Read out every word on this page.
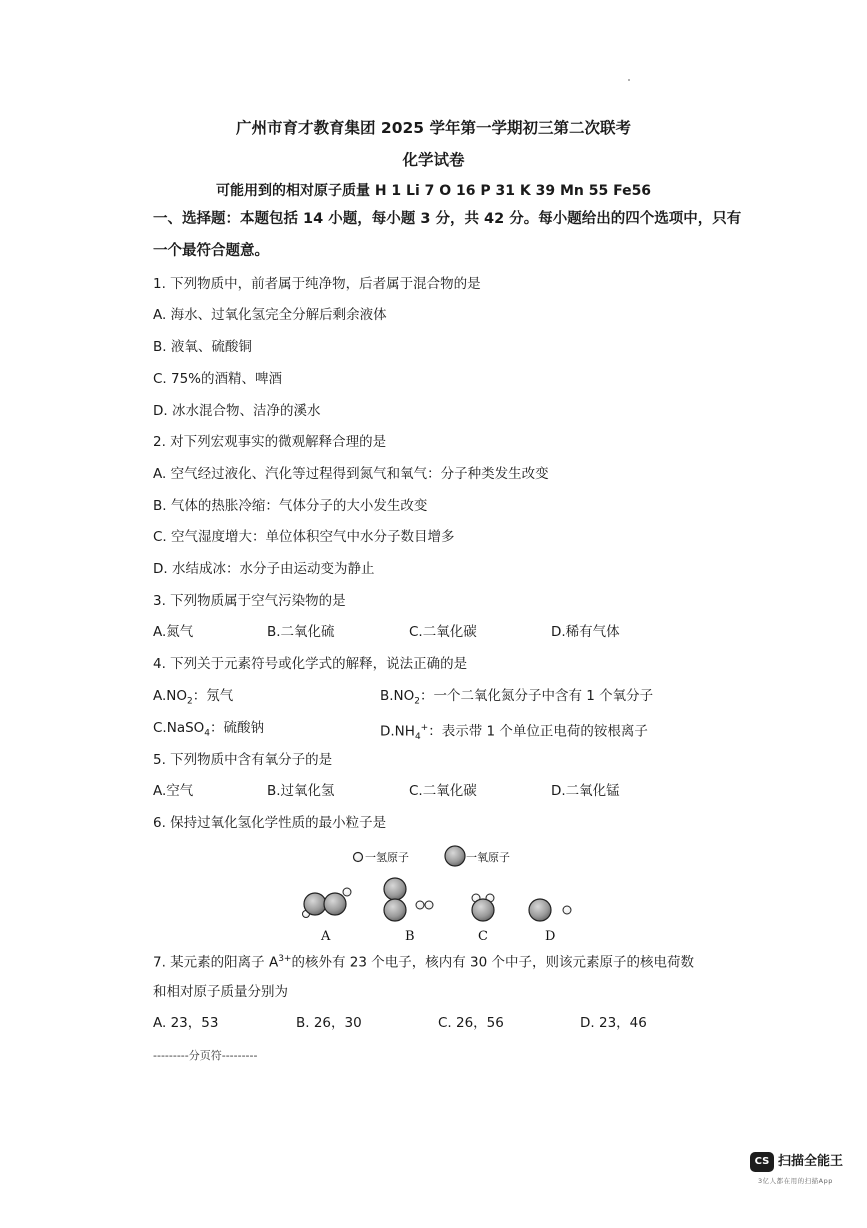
广州市育才教育集团 2025 学年第一学期初三第二次联考
化学试卷
可能用到的相对原子质量 H 1 Li 7 O 16 P 31 K 39 Mn 55 Fe56
一、选择题：本题包括 14 小题，每小题 3 分，共 42 分。每小题给出的四个选项中，只有
一个最符合题意。
1. 下列物质中，前者属于纯净物，后者属于混合物的是
A. 海水、过氧化氢完全分解后剩余液体
B. 液氧、硫酸铜
C. 75%的酒精、啤酒
D. 冰水混合物、洁净的溪水
2. 对下列宏观事实的微观解释合理的是
A. 空气经过液化、汽化等过程得到氮气和氧气：分子种类发生改变
B. 气体的热胀冷缩：气体分子的大小发生改变
C. 空气湿度增大：单位体积空气中水分子数目增多
D. 水结成冰：水分子由运动变为静止
3. 下列物质属于空气污染物的是
A.氮气	B.二氧化硫	C.二氧化碳	D.稀有气体
4. 下列关于元素符号或化学式的解释，说法正确的是
$A.NO_2$：氖气	$B.NO_2$：一个二氧化氮分子中含有 1 个氧分子
C.NaSO$_4$：硫酸钠	$D.NH_4^+$：表示带 1 个单位正电荷的铵根离子
5. 下列物质中含有氧分子的是
A.空气	B.过氧化氢	C.二氧化碳	D.二氧化锰
6. 保持过氧化氢化学性质的最小粒子是
一氢原子	一氧原子
A	B	C	D
7. 某元素的阳离子 $A^{3+}$的核外有 23 个电子，核内有 30 个中子，则该元素原子的核电荷数
和相对原子质量分别为
A. 23，53	B. 26，30	C. 26，56	D. 23，46
---------分页符---------
CS 扫描全能王
3亿人都在用的扫描App
